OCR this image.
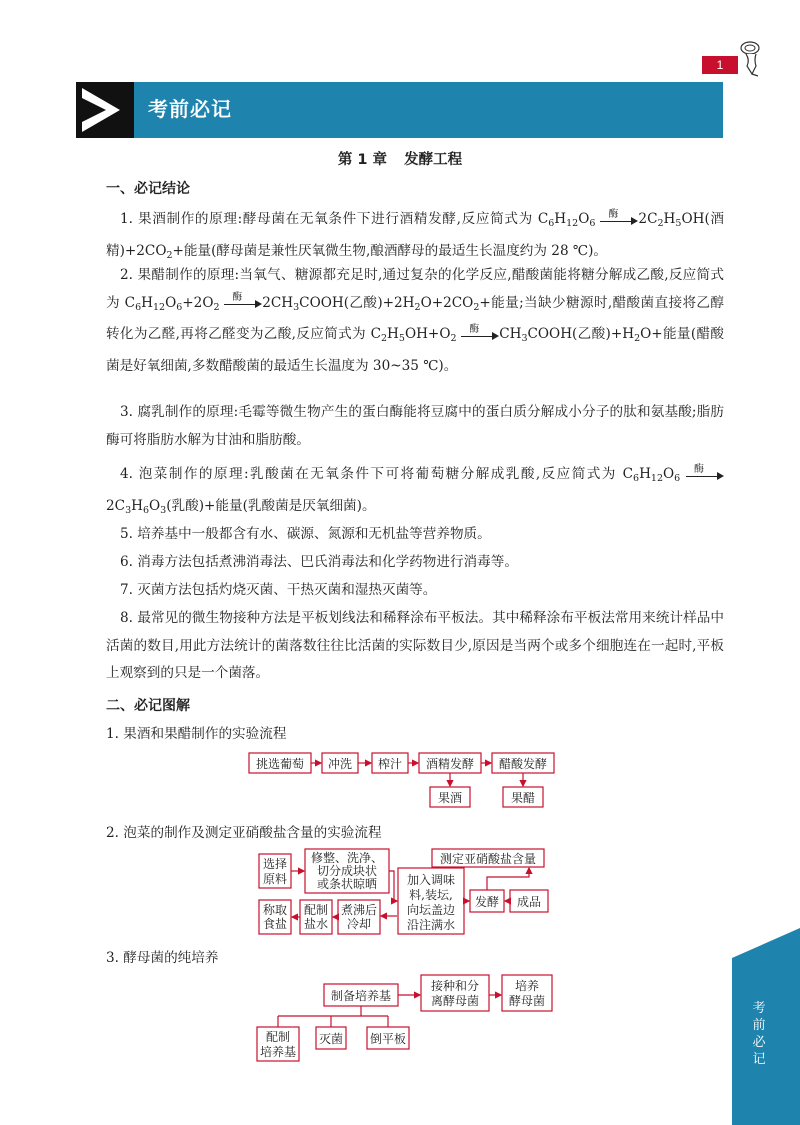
1
考前必记
考
前
必
记
第 1 章 发酵工程
一、必记结论
1. 果酒制作的原理:酵母菌在无氧条件下进行酒精发酵,反应简式为 $C_6H_{12}O_6$
酶 $2C_2H_5OH$(酒精)$+2CO_2+$能量(酵母菌是兼性厌氧微生物,酿酒酵母的最适生长温度约为 28 ℃)。
2. 果醋制作的原理:当氧气、糖源都充足时,通过复杂的化学反应,醋酸菌能将糖分解成乙酸,反应简式为 $C_6H_{12}O_6+2O_2$
酶 $2CH_3COOH$(乙酸)$+2H_2O+2CO_2+$能量;当缺少糖源时,醋酸菌直接将乙醇转化为乙醛,再将乙醛变为乙酸,反应简式为 $C_2H_5OH+O_2$
酶 $CH_3COOH$(乙酸)$+H_2O+$能量(醋酸菌是好氧细菌,多数醋酸菌的最适生长温度为 30~35 ℃)。
3. 腐乳制作的原理:毛霉等微生物产生的蛋白酶能将豆腐中的蛋白质分解成小分子的肽和氨基酸;脂肪酶可将脂肪水解为甘油和脂肪酸。
4. 泡菜制作的原理:乳酸菌在无氧条件下可将葡萄糖分解成乳酸,反应简式为 $C_6H_{12}O_6$
酶
$2C_3H_6O_3$(乳酸)+能量(乳酸菌是厌氧细菌)。
5. 培养基中一般都含有水、碳源、氮源和无机盐等营养物质。
6. 消毒方法包括煮沸消毒法、巴氏消毒法和化学药物进行消毒等。
7. 灭菌方法包括灼烧灭菌、干热灭菌和湿热灭菌等。
8. 最常见的微生物接种方法是平板划线法和稀释涂布平板法。其中稀释涂布平板法常用来统计样品中活菌的数目,用此方法统计的菌落数往往比活菌的实际数目少,原因是当两个或多个细胞连在一起时,平板上观察到的只是一个菌落。
二、必记图解
1. 果酒和果醋制作的实验流程
挑选葡萄 冲洗 榨汁 酒精发酵 醋酸发酵
果酒	果醋
2. 泡菜的制作及测定亚硝酸盐含量的实验流程
选择
原料
修整、洗净、
切分成块状
或条状晾晒
称取
食盐
配制
盐水
煮沸后
冷却
加入调味
料,装坛,
向坛盖边
沿注满水
发酵 成品
测定亚硝酸盐含量
3. 酵母菌的纯培养
制备培养基
接种和分
离酵母菌
培养
酵母菌
配制
培养基
灭菌 倒平板
